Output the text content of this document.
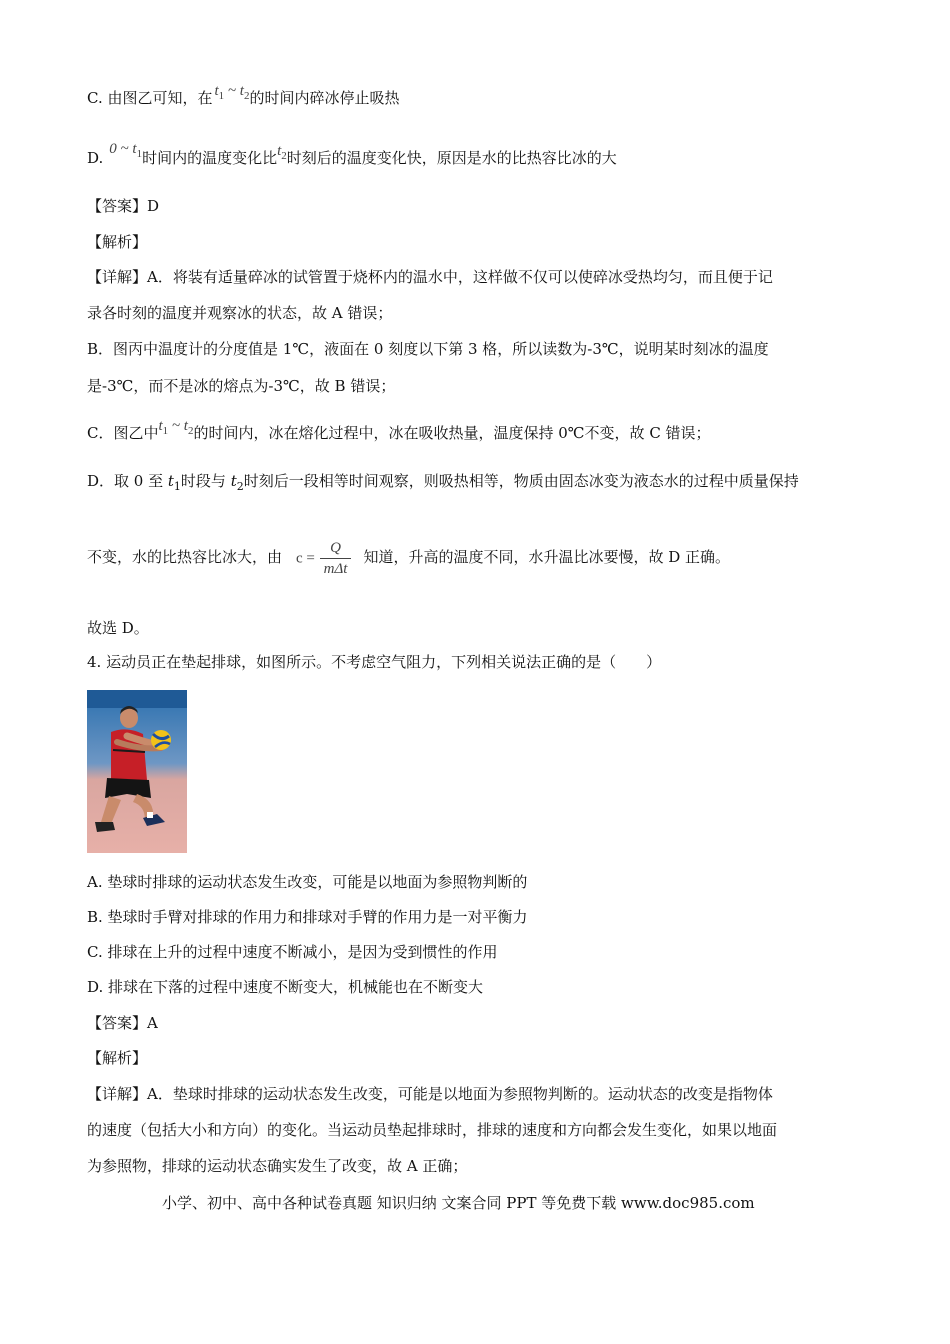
C. 由图乙可知，在 $t_1$ ~ $t_2$的时间内碎冰停止吸热
D. 0 ~ $t_1$时间内的温度变化比$t_2$时刻后的温度变化快，原因是水的比热容比冰的大
【答案】D
【解析】
【详解】A．将装有适量碎冰的试管置于烧杯内的温水中，这样做不仅可以使碎冰受热均匀，而且便于记
录各时刻的温度并观察冰的状态，故 A 错误；
B．图丙中温度计的分度值是 1℃，液面在 0 刻度以下第 3 格，所以读数为-3℃，说明某时刻冰的温度
是-3℃，而不是冰的熔点为-3℃，故 B 错误；
C．图乙中$t_1$ ~ $t_2$的时间内，冰在熔化过程中，冰在吸收热量，温度保持 0℃不变，故 C 错误；
D．取 0 至 $t_1$时段与 $t_2$时刻后一段相等时间观察，则吸热相等，物质由固态冰变为液态水的过程中质量保持
不变，水的比热容比冰大，由 $c = \frac{Q}{\text{mΔt}}$ 知道，升高的温度不同，水升温比冰要慢，故 D 正确。
故选 D。
4. 运动员正在垫起排球，如图所示。不考虑空气阻力，下列相关说法正确的是（　　）
A. 垫球时排球的运动状态发生改变，可能是以地面为参照物判断的
B. 垫球时手臂对排球的作用力和排球对手臂的作用力是一对平衡力
C. 排球在上升的过程中速度不断减小，是因为受到惯性的作用
D. 排球在下落的过程中速度不断变大，机械能也在不断变大
【答案】A
【解析】
【详解】A．垫球时排球的运动状态发生改变，可能是以地面为参照物判断的。运动状态的改变是指物体
的速度（包括大小和方向）的变化。当运动员垫起排球时，排球的速度和方向都会发生变化，如果以地面
为参照物，排球的运动状态确实发生了改变，故 A 正确；
小学、初中、高中各种试卷真题 知识归纳 文案合同 PPT 等免费下载 www.doc985.com
